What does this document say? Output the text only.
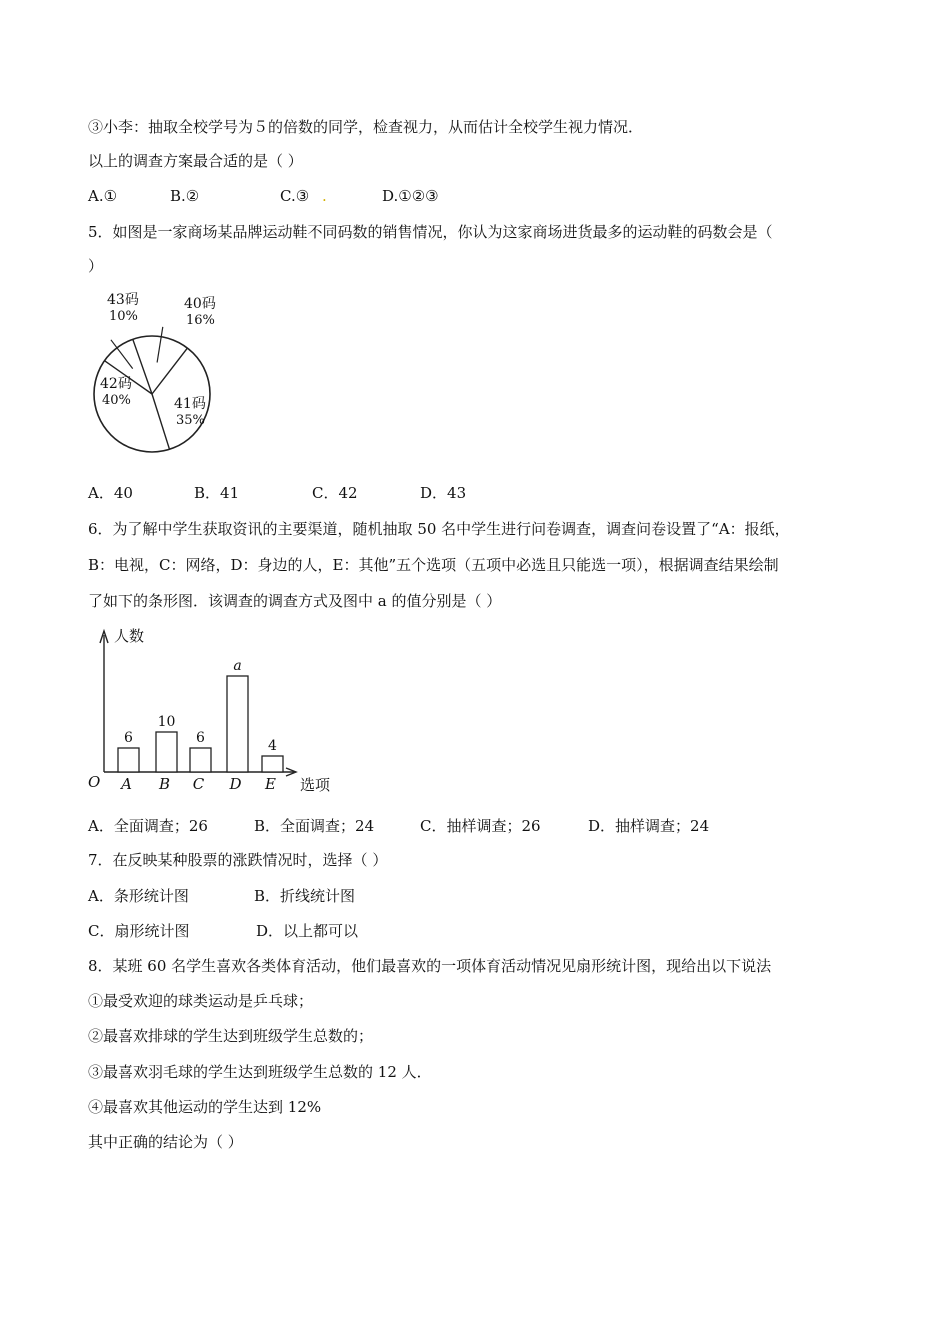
③小李：抽取全校学号为５的倍数的同学，检查视力，从而估计全校学生视力情况．
以上的调查方案最合适的是（ ）
A.①	B.②	C.③ .	D.①②③
5．如图是一家商场某品牌运动鞋不同码数的销售情况，你认为这家商场进货最多的运动鞋的码数会是（
）
43码
10%
40码
16%
41码
35%
42码
40%
A．40	B．41	C．42	D．43
6．为了解中学生获取资讯的主要渠道，随机抽取 50 名中学生进行问卷调查，调查问卷设置了“A：报纸，
B：电视，C：网络，D：身边的人，E：其他”五个选项（五项中必选且只能选一项），根据调查结果绘制
了如下的条形图．该调查的调查方式及图中 a 的值分别是（ ）
人数
选项
O
6
A
10
B
6
C
a
D
4
E
A．全面调查；26	B．全面调查；24	C．抽样调查；26	D．抽样调查；24
7．在反映某种股票的涨跌情况时，选择（ ）
A．条形统计图	B．折线统计图
C．扇形统计图	D．以上都可以
8．某班 60 名学生喜欢各类体育活动，他们最喜欢的一项体育活动情况见扇形统计图，现给出以下说法
①最受欢迎的球类运动是乒乓球；
②最喜欢排球的学生达到班级学生总数的；
③最喜欢羽毛球的学生达到班级学生总数的 12 人．
④最喜欢其他运动的学生达到 12%
其中正确的结论为（ ）
